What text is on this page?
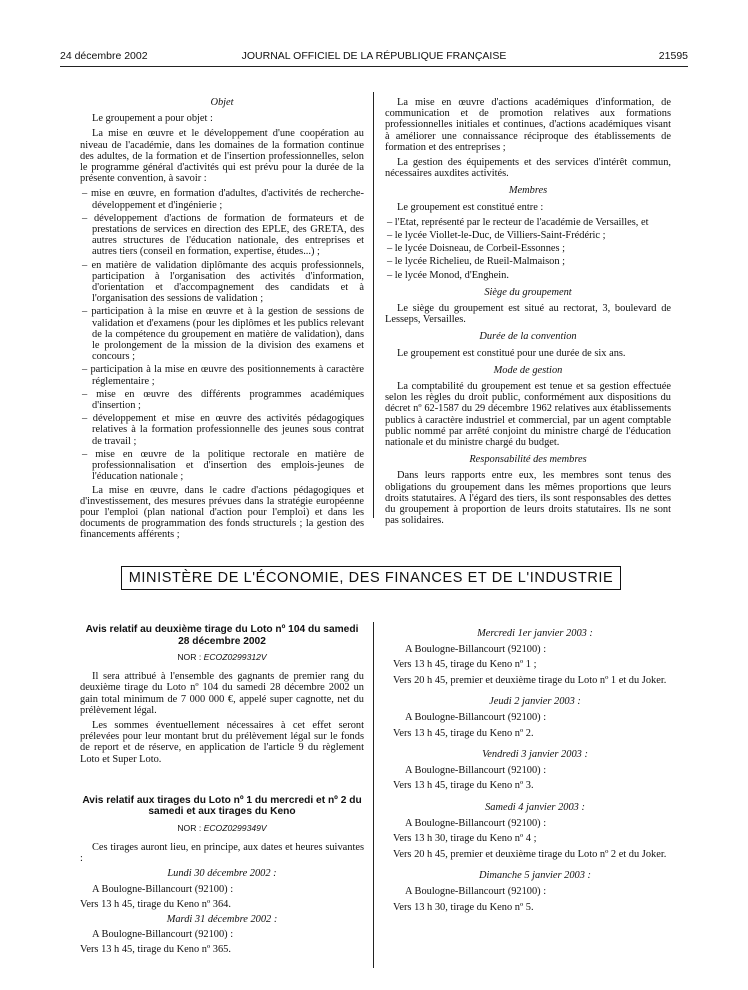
24 décembre 2002	JOURNAL OFFICIEL DE LA RÉPUBLIQUE FRANÇAISE	21595

Objet

Le groupement a pour objet :

La mise en œuvre et le développement d'une coopération au niveau de l'académie, dans les domaines de la formation continue des adultes, de la formation et de l'insertion professionnelles, selon le programme général d'activités qui est prévu pour la durée de la présente convention, à savoir :

– mise en œuvre, en formation d'adultes, d'activités de recherche-développement et d'ingénierie ;

– développement d'actions de formation de formateurs et de prestations de services en direction des EPLE, des GRETA, des autres structures de l'éducation nationale, des entreprises et autres tiers (conseil en formation, expertise, études...) ;

– en matière de validation diplômante des acquis professionnels, participation à l'organisation des activités d'information, d'orientation et d'accompagnement des candidats et à l'organisation des sessions de validation ;

– participation à la mise en œuvre et à la gestion de sessions de validation et d'examens (pour les diplômes et les publics relevant de la compétence du groupement en matière de validation), dans le prolongement de la mission de la division des examens et concours ;

– participation à la mise en œuvre des positionnements à caractère réglementaire ;

– mise en œuvre des différents programmes académiques d'insertion ;

– développement et mise en œuvre des activités pédagogiques relatives à la formation professionnelle des jeunes sous contrat de travail ;

– mise en œuvre de la politique rectorale en matière de professionnalisation et d'insertion des emplois-jeunes de l'éducation nationale ;

La mise en œuvre, dans le cadre d'actions pédagogiques et d'investissement, des mesures prévues dans la stratégie européenne pour l'emploi (plan national d'action pour l'emploi) et dans les documents de programmation des fonds structurels ; la gestion des financements afférents ;

La mise en œuvre d'actions académiques d'information, de communication et de promotion relatives aux formations professionnelles initiales et continues, d'actions académiques visant à améliorer une connaissance réciproque des établissements de formation et des entreprises ;

La gestion des équipements et des services d'intérêt commun, nécessaires auxdites activités.

Membres

Le groupement est constitué entre :

– l'Etat, représenté par le recteur de l'académie de Versailles, et

– le lycée Viollet-le-Duc, de Villiers-Saint-Frédéric ;

– le lycée Doisneau, de Corbeil-Essonnes ;

– le lycée Richelieu, de Rueil-Malmaison ;

– le lycée Monod, d'Enghein.

Siège du groupement

Le siège du groupement est situé au rectorat, 3, boulevard de Lesseps, Versailles.

Durée de la convention

Le groupement est constitué pour une durée de six ans.

Mode de gestion

La comptabilité du groupement est tenue et sa gestion effectuée selon les règles du droit public, conformément aux dispositions du décret nº 62-1587 du 29 décembre 1962 relatives aux établissements publics à caractère industriel et commercial, par un agent comptable public nommé par arrêté conjoint du ministre chargé de l'éducation nationale et du ministre chargé du budget.

Responsabilité des membres

Dans leurs rapports entre eux, les membres sont tenus des obligations du groupement dans les mêmes proportions que leurs droits statutaires. A l'égard des tiers, ils sont responsables des dettes du groupement à proportion de leurs droits statutaires. Ils ne sont pas solidaires.

MINISTÈRE DE L'ÉCONOMIE, DES FINANCES ET DE L'INDUSTRIE

Avis relatif au deuxième tirage du Loto nº 104 du samedi 28 décembre 2002

NOR : ECOZ0299312V

Il sera attribué à l'ensemble des gagnants de premier rang du deuxième tirage du Loto nº 104 du samedi 28 décembre 2002 un gain total minimum de 7 000 000 €, appelé super cagnotte, net du prélèvement légal.

Les sommes éventuellement nécessaires à cet effet seront prélevées pour leur montant brut du prélèvement légal sur le fonds de report et de réserve, en application de l'article 9 du règlement Loto et Super Loto.

Avis relatif aux tirages du Loto nº 1 du mercredi et nº 2 du samedi et aux tirages du Keno

NOR : ECOZ0299349V

Ces tirages auront lieu, en principe, aux dates et heures suivantes :

Lundi 30 décembre 2002 :

A Boulogne-Billancourt (92100) :

Vers 13 h 45, tirage du Keno nº 364.

Mardi 31 décembre 2002 :

A Boulogne-Billancourt (92100) :

Vers 13 h 45, tirage du Keno nº 365.

Mercredi 1er janvier 2003 :

A Boulogne-Billancourt (92100) :

Vers 13 h 45, tirage du Keno nº 1 ;

Vers 20 h 45, premier et deuxième tirage du Loto nº 1 et du Joker.

Jeudi 2 janvier 2003 :

A Boulogne-Billancourt (92100) :

Vers 13 h 45, tirage du Keno nº 2.

Vendredi 3 janvier 2003 :

A Boulogne-Billancourt (92100) :

Vers 13 h 45, tirage du Keno nº 3.

Samedi 4 janvier 2003 :

A Boulogne-Billancourt (92100) :

Vers 13 h 30, tirage du Keno nº 4 ;

Vers 20 h 45, premier et deuxième tirage du Loto nº 2 et du Joker.

Dimanche 5 janvier 2003 :

A Boulogne-Billancourt (92100) :

Vers 13 h 30, tirage du Keno nº 5.
